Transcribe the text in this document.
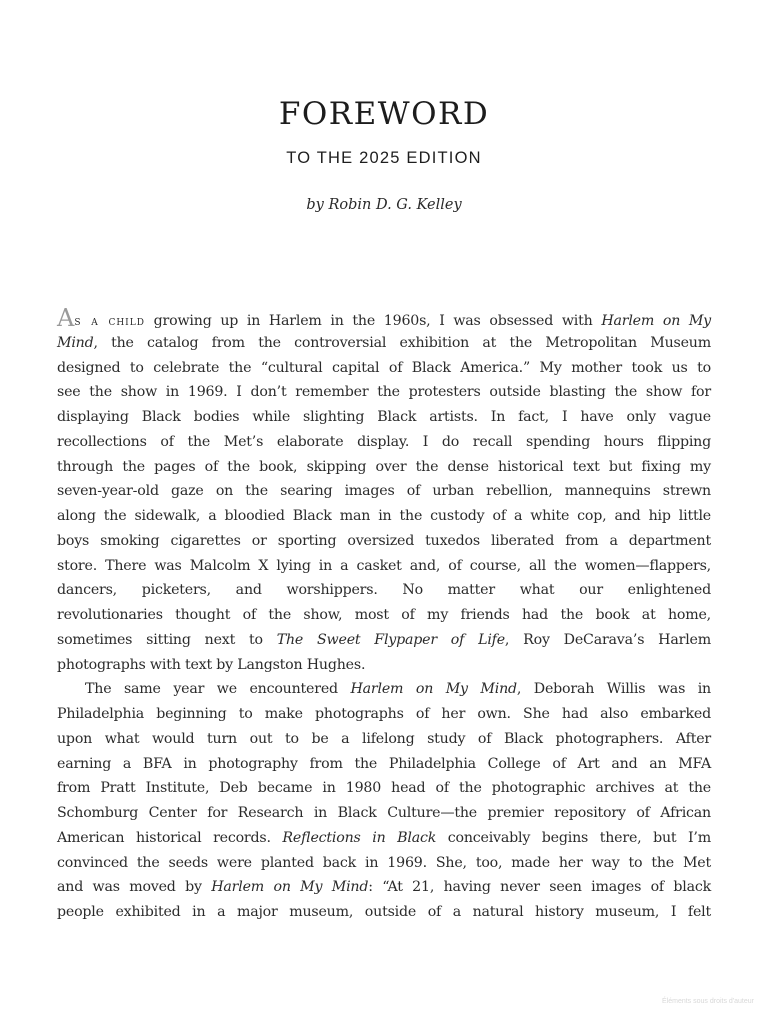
FOREWORD
TO THE 2025 EDITION
by Robin D. G. Kelley
As a child growing up in Harlem in the 1960s, I was obsessed with Harlem on My
Mind, the catalog from the controversial exhibition at the Metropolitan Museum
designed to celebrate the “cultural capital of Black America.” My mother took us to
see the show in 1969. I don’t remember the protesters outside blasting the show for
displaying Black bodies while slighting Black artists. In fact, I have only vague
recollections of the Met’s elaborate display. I do recall spending hours flipping
through the pages of the book, skipping over the dense historical text but fixing my
seven-year-old gaze on the searing images of urban rebellion, mannequins strewn
along the sidewalk, a bloodied Black man in the custody of a white cop, and hip little
boys smoking cigarettes or sporting oversized tuxedos liberated from a department
store. There was Malcolm X lying in a casket and, of course, all the women—flappers,
dancers, picketers, and worshippers. No matter what our enlightened
revolutionaries thought of the show, most of my friends had the book at home,
sometimes sitting next to The Sweet Flypaper of Life, Roy DeCarava’s Harlem
photographs with text by Langston Hughes.
The same year we encountered Harlem on My Mind, Deborah Willis was in
Philadelphia beginning to make photographs of her own. She had also embarked
upon what would turn out to be a lifelong study of Black photographers. After
earning a BFA in photography from the Philadelphia College of Art and an MFA
from Pratt Institute, Deb became in 1980 head of the photographic archives at the
Schomburg Center for Research in Black Culture—the premier repository of African
American historical records. Reflections in Black conceivably begins there, but I’m
convinced the seeds were planted back in 1969. She, too, made her way to the Met
and was moved by Harlem on My Mind: “At 21, having never seen images of black
people exhibited in a major museum, outside of a natural history museum, I felt
Éléments sous droits d'auteur
